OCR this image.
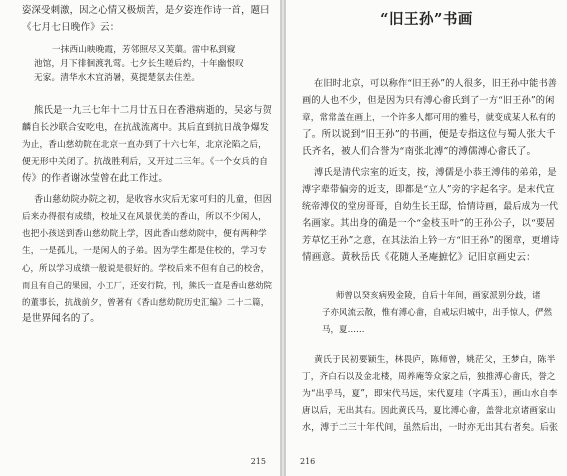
姿深受刺激，因之心情又极烦苦，是夕姿连作诗一首，题曰
《七月七日晚作》云：
一抹西山映晚霞，芳邻照尽又芙蕖。雷中私到窥
池馆，月下徘徊渡乳莺。七夕长生嗟后约，十年幽恨叹
无家。清华水木宜消暑，莫提楚氛去住差。
熊氏是一九三七年十二月廿五日在香港病逝的，吴宓与贺
麟自长沙联合安吃电，在抗战流离中。其后直到抗日战争爆发
为止，香山慈幼院在北京一直办到了十六七年，北京沦陷之后，
便无形中关闭了。抗战胜利后，又开过二三年。《一个女兵的自
传》的作者谢冰莹曾在此工作过。
香山慈幼院办院之初，是收容水灾后无家可归的儿童，但因
后来办得很有成绩，校址又在风景优美的香山，所以不少闲人，
也把小孩送到香山慈幼院上学，因此香山慈幼院中，便有两种学
生，一是孤儿，一是闲人的子弟。因为学生都是住校的，学习专
心，所以学习成绩一般说是很好的。学校后来不但有自己的校舍，
而且有自己的果园，小工厂，还安行院，刊，熊氏一直是香山慈幼院
的董事长，抗战前夕，曾著有《香山慈幼院历史汇编》二十二篇，
是世界闻名的了。
215
“旧王孙”书画
在旧时北京，可以称作“旧王孙”的人很多，旧王孙中能书善
画的人也不少，但是因为只有溥心畬氏到了一方“旧王孙”的闲
章，常常盖在画上，一个许多人都可用的雅号，就变成某人私有的
了。所以说到“旧王孙”的书画，便是专指这位与蜀人张大千
氏齐名，被人们合誉为“南张北溥”的溥儒溥心畬氏了。
溥氏是清代宗室的近支，按，溥儒是小恭王溥伟的弟弟，是
溥字辈带偏旁的近支，即都是“立人”旁的字起名字。是末代宣
统帝溥仪的堂房哥哥，自幼生长王邸，恰情诗画，最后成为一代
名画家。其出身的确是一个“金枝玉叶”的王孙公子，以“要居
芳草忆王孙”之意，在其法治上钤一方“旧王孙”的图章，更增诗
情画意。黄秋岳氏《花随人圣庵摭忆》记旧京画史云：
师曾以癸亥病殁金陵，自后十年间，画家派别分歧，诸
子亦风流云散，惟有溥心畬，自戒坛归城中，出手惊人，俨然
马，夏……
黄氏于民初要颖生，林畏庐，陈师曾，姚茫父，王梦白，陈半
丁，齐白石以及金北楼，周养庵等众家之后，独推溥心畬氏，誉之
为“出乎马，夏”，即宋代马远，宋代夏珪（字禹玉），画山水自李
唐以后，无出其右。因此黄氏马，夏比溥心畬，盖誉北京诸画家山
水，溥于二三十年代间，虽然后出，一时亦无出其右者矣。后张
216
